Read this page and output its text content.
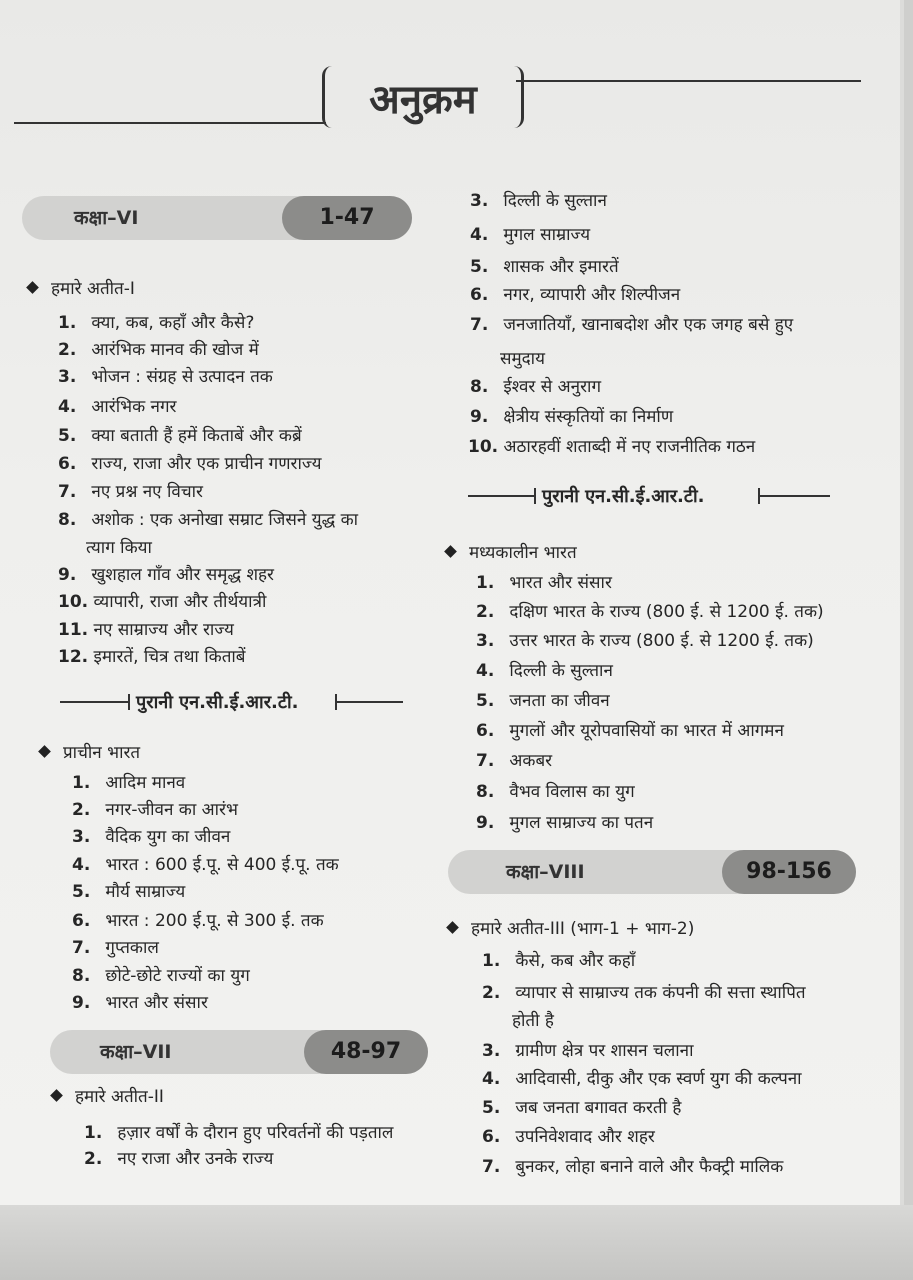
अनुक्रम
कक्षा–VI	1-47
हमारे अतीत-I
1. क्या, कब, कहाँ और कैसे?
2. आरंभिक मानव की खोज में
3. भोजन : संग्रह से उत्पादन तक
4. आरंभिक नगर
5. क्या बताती हैं हमें किताबें और कब्रें
6. राज्य, राजा और एक प्राचीन गणराज्य
7. नए प्रश्न नए विचार
8. अशोक : एक अनोखा सम्राट जिसने युद्ध का
त्याग किया
9. खुशहाल गाँव और समृद्ध शहर
10. व्यापारी, राजा और तीर्थयात्री
11. नए साम्राज्य और राज्य
12. इमारतें, चित्र तथा किताबें
पुरानी एन.सी.ई.आर.टी.
प्राचीन भारत
1. आदिम मानव
2. नगर-जीवन का आरंभ
3. वैदिक युग का जीवन
4. भारत : 600 ई.पू. से 400 ई.पू. तक
5. मौर्य साम्राज्य
6. भारत : 200 ई.पू. से 300 ई. तक
7. गुप्तकाल
8. छोटे-छोटे राज्यों का युग
9. भारत और संसार
कक्षा–VII	48-97
हमारे अतीत-II
1. हज़ार वर्षों के दौरान हुए परिवर्तनों की पड़ताल
2. नए राजा और उनके राज्य
3. दिल्ली के सुल्तान
4. मुगल साम्राज्य
5. शासक और इमारतें
6. नगर, व्यापारी और शिल्पीजन
7. जनजातियाँ, खानाबदोश और एक जगह बसे हुए
समुदाय
8. ईश्वर से अनुराग
9. क्षेत्रीय संस्कृतियों का निर्माण
10. अठारहवीं शताब्दी में नए राजनीतिक गठन
पुरानी एन.सी.ई.आर.टी.
मध्यकालीन भारत
1. भारत और संसार
2. दक्षिण भारत के राज्य (800 ई. से 1200 ई. तक)
3. उत्तर भारत के राज्य (800 ई. से 1200 ई. तक)
4. दिल्ली के सुल्तान
5. जनता का जीवन
6. मुगलों और यूरोपवासियों का भारत में आगमन
7. अकबर
8. वैभव विलास का युग
9. मुगल साम्राज्य का पतन
कक्षा–VIII	98-156
हमारे अतीत-III (भाग-1 + भाग-2)
1. कैसे, कब और कहाँ
2. व्यापार से साम्राज्य तक कंपनी की सत्ता स्थापित
होती है
3. ग्रामीण क्षेत्र पर शासन चलाना
4. आदिवासी, दीकु और एक स्वर्ण युग की कल्पना
5. जब जनता बगावत करती है
6. उपनिवेशवाद और शहर
7. बुनकर, लोहा बनाने वाले और फैक्ट्री मालिक
